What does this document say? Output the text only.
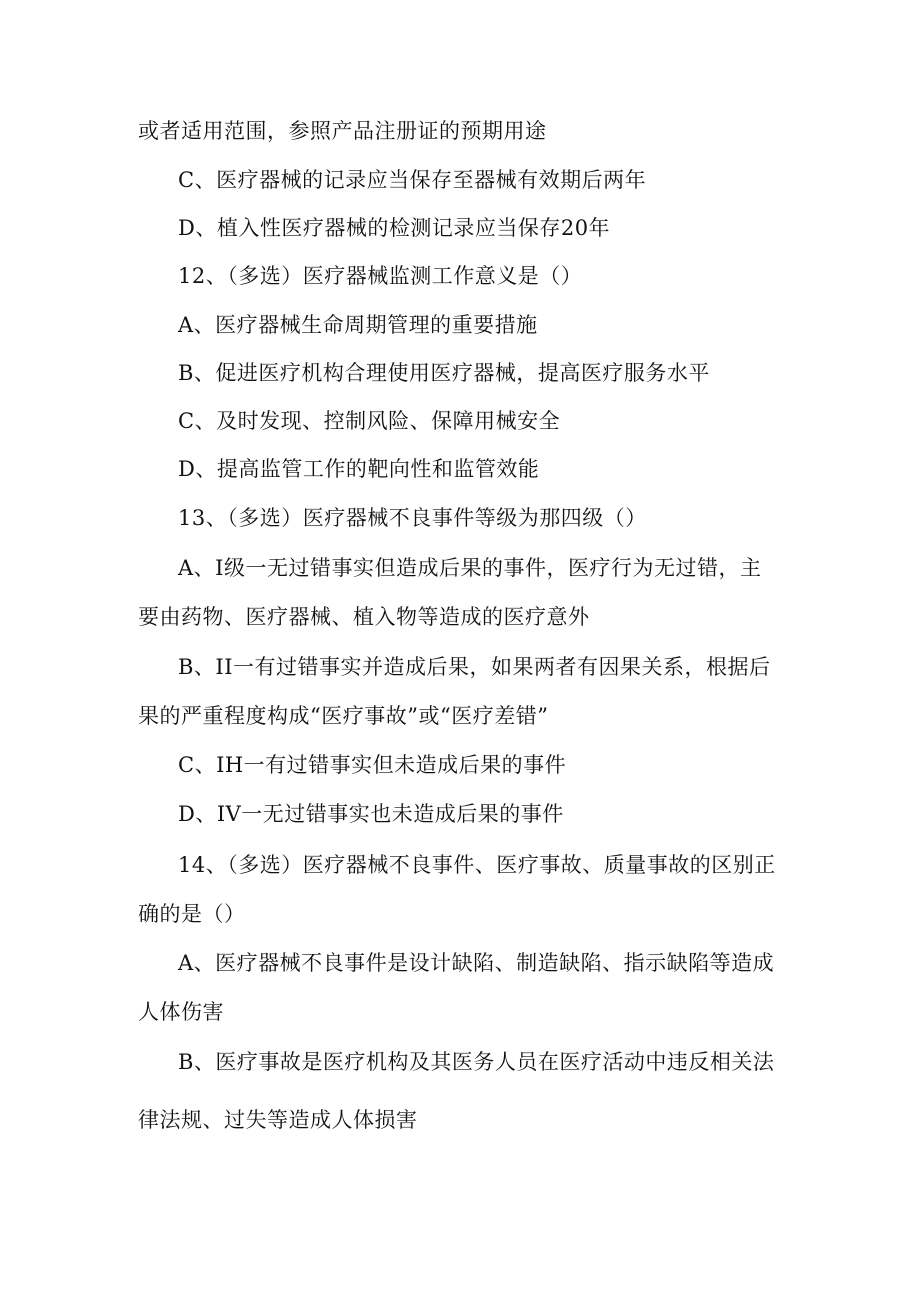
或者适用范围，参照产品注册证的预期用途
C、医疗器械的记录应当保存至器械有效期后两年
D、植入性医疗器械的检测记录应当保存20年
12、（多选）医疗器械监测工作意义是（）
A、医疗器械生命周期管理的重要措施
B、促进医疗机构合理使用医疗器械，提高医疗服务水平
C、及时发现、控制风险、保障用械安全
D、提高监管工作的靶向性和监管效能
13、（多选）医疗器械不良事件等级为那四级（）
A、I级一无过错事实但造成后果的事件，医疗行为无过错，主
要由药物、医疗器械、植入物等造成的医疗意外
B、II一有过错事实并造成后果，如果两者有因果关系，根据后
果的严重程度构成“医疗事故”或“医疗差错”
C、IH一有过错事实但未造成后果的事件
D、IV一无过错事实也未造成后果的事件
14、（多选）医疗器械不良事件、医疗事故、质量事故的区别正
确的是（）
A、医疗器械不良事件是设计缺陷、制造缺陷、指示缺陷等造成
人体伤害
B、医疗事故是医疗机构及其医务人员在医疗活动中违反相关法
律法规、过失等造成人体损害
